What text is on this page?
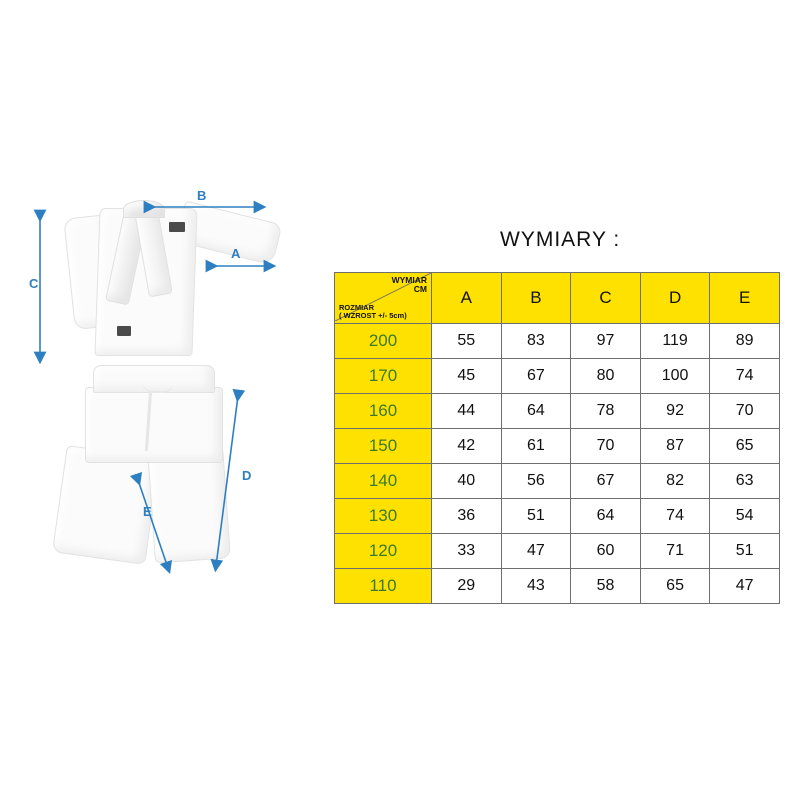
B
A
C
D
E
WYMIARY :
WYMIAR
CM
ROZMIAR
( WZROST +/- 5cm)	A	B	C	D	E
200	55	83	97	119	89
170	45	67	80	100	74
160	44	64	78	92	70
150	42	61	70	87	65
140	40	56	67	82	63
130	36	51	64	74	54
120	33	47	60	71	51
110	29	43	58	65	47
